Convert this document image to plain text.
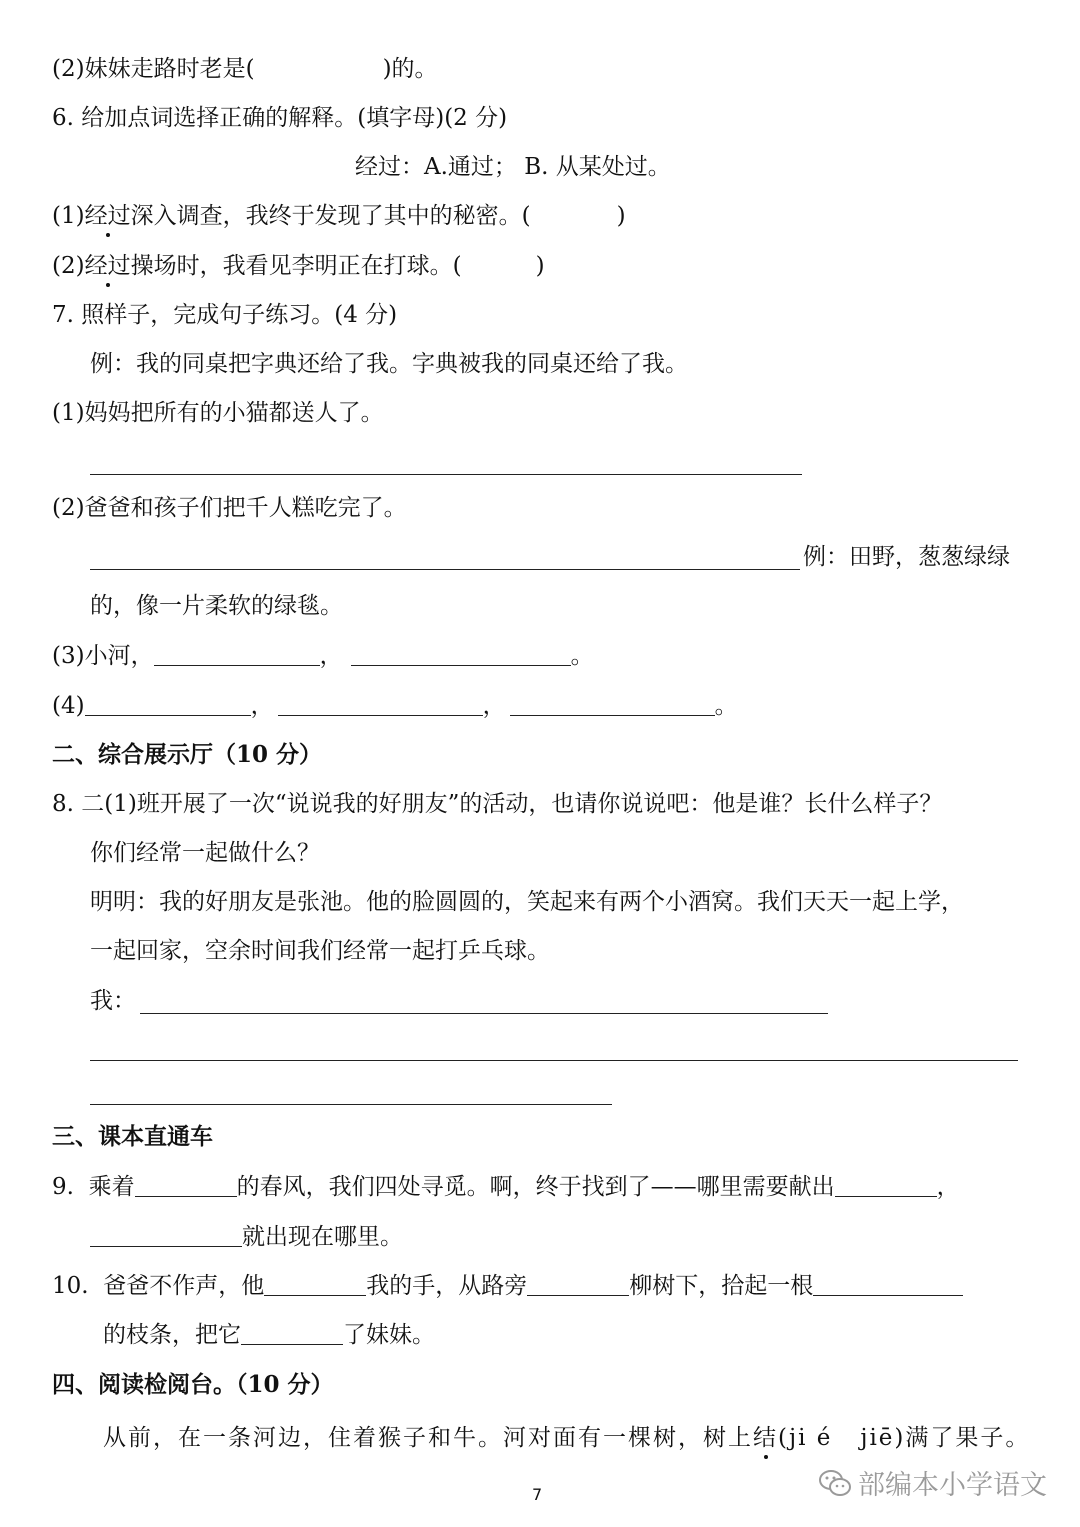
(2)妹妹走路时老是(	)的。
6. 给加点词选择正确的解释。(填字母)(2 分)
经过：A.通过； B. 从某处过。
(1)经过深入调查，我终于发现了其中的秘密。(	)
(2)经过操场时，我看见李明正在打球。(	)
7. 照样子，完成句子练习。(4 分)
例：我的同桌把字典还给了我。字典被我的同桌还给了我。
(1)妈妈把所有的小猫都送人了。
(2)爸爸和孩子们把千人糕吃完了。
例：田野，葱葱绿绿
的，像一片柔软的绿毯。
(3)小河，	，	。
(4)	，	，	。
二、综合展示厅（10 分）
8. 二(1)班开展了一次“说说我的好朋友”的活动，也请你说说吧：他是谁？长什么样子？
你们经常一起做什么？
明明：我的好朋友是张池。他的脸圆圆的，笑起来有两个小酒窝。我们天天一起上学，
一起回家，空余时间我们经常一起打乒乓球。
我：
三、课本直通车
9.  乘着	的春风，我们四处寻觅。啊，终于找到了——哪里需要献出	，
就出现在哪里。
10.  爸爸不作声，他	我的手，从路旁	柳树下，拾起一根
的枝条，把它	了妹妹。
四、阅读检阅台。（10 分）
从前，在一条河边，住着猴子和牛。河对面有一棵树，树上结(ji é   jiē)满了果子。
部编本小学语文
7
